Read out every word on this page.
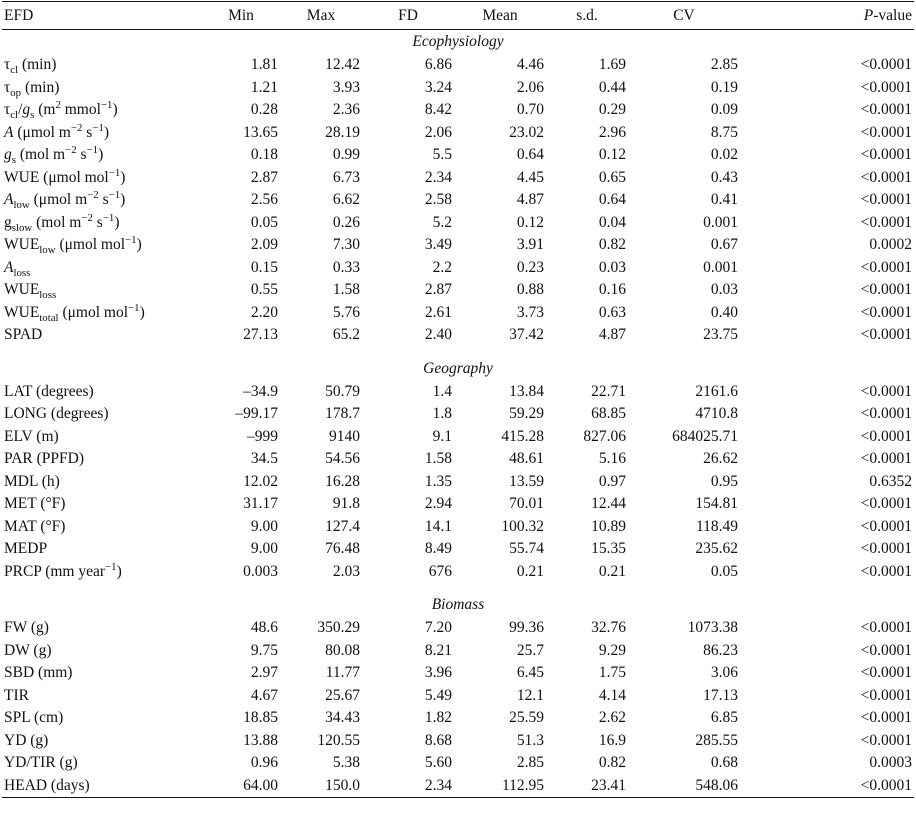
EFD	Min	Max	FD	Mean	s.d.	CV	P-value
Ecophysiology							
$\tau_{cl}$ (min)	1.81	12.42	6.86	4.46	1.69	2.85	<0.0001
$\tau_{op}$ (min)	1.21	3.93	3.24	2.06	0.44	0.19	<0.0001
$\tau_{cl}/g_s$ ($m^2$ mmol$^{-1}$)	0.28	2.36	8.42	0.70	0.29	0.09	<0.0001
A (μmol $m^{-2}$ $s^{-1}$)	13.65	28.19	2.06	23.02	2.96	8.75	<0.0001
$g_s$ (mol $m^{-2}$ $s^{-1}$)	0.18	0.99	5.5	0.64	0.12	0.02	<0.0001
WUE (μmol mol$^{-1}$)	2.87	6.73	2.34	4.45	0.65	0.43	<0.0001
$A_{low}$ (μmol $m^{-2}$ $s^{-1}$)	2.56	6.62	2.58	4.87	0.64	0.41	<0.0001
$g_{slow}$ (mol $m^{-2}$ $s^{-1}$)	0.05	0.26	5.2	0.12	0.04	0.001	<0.0001
$WUE_{low}$ (μmol mol$^{-1}$)	2.09	7.30	3.49	3.91	0.82	0.67	0.0002
$A_{loss}$	0.15	0.33	2.2	0.23	0.03	0.001	<0.0001
$WUE_{loss}$	0.55	1.58	2.87	0.88	0.16	0.03	<0.0001
$WUE_{total}$ (μmol mol$^{-1}$)	2.20	5.76	2.61	3.73	0.63	0.40	<0.0001
SPAD	27.13	65.2	2.40	37.42	4.87	23.75	<0.0001
Geography							
LAT (degrees)	–34.9	50.79	1.4	13.84	22.71	2161.6	<0.0001
LONG (degrees)	–99.17	178.7	1.8	59.29	68.85	4710.8	<0.0001
ELV (m)	–999	9140	9.1	415.28	827.06	684025.71	<0.0001
PAR (PPFD)	34.5	54.56	1.58	48.61	5.16	26.62	<0.0001
MDL (h)	12.02	16.28	1.35	13.59	0.97	0.95	0.6352
MET (°F)	31.17	91.8	2.94	70.01	12.44	154.81	<0.0001
MAT (°F)	9.00	127.4	14.1	100.32	10.89	118.49	<0.0001
MEDP	9.00	76.48	8.49	55.74	15.35	235.62	<0.0001
PRCP (mm year$^{-1}$)	0.003	2.03	676	0.21	0.21	0.05	<0.0001
Biomass							
FW (g)	48.6	350.29	7.20	99.36	32.76	1073.38	<0.0001
DW (g)	9.75	80.08	8.21	25.7	9.29	86.23	<0.0001
SBD (mm)	2.97	11.77	3.96	6.45	1.75	3.06	<0.0001
TIR	4.67	25.67	5.49	12.1	4.14	17.13	<0.0001
SPL (cm)	18.85	34.43	1.82	25.59	2.62	6.85	<0.0001
YD (g)	13.88	120.55	8.68	51.3	16.9	285.55	<0.0001
YD/TIR (g)	0.96	5.38	5.60	2.85	0.82	0.68	0.0003
HEAD (days)	64.00	150.0	2.34	112.95	23.41	548.06	<0.0001
